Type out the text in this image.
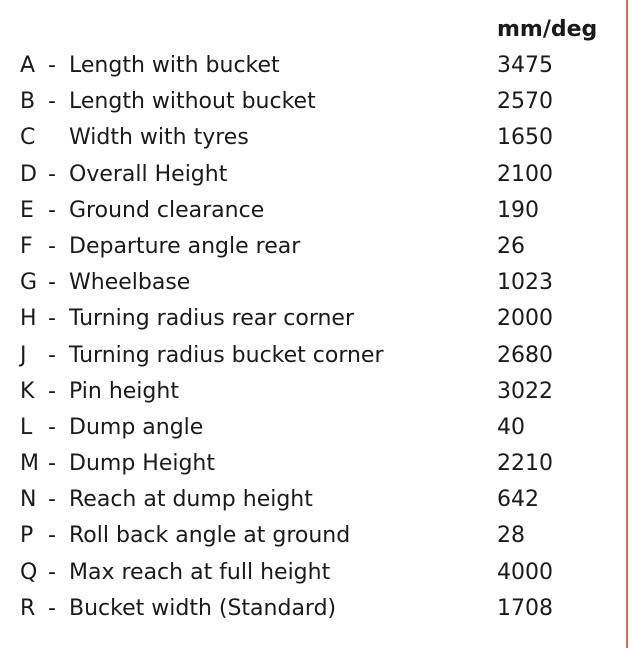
mm/deg
A - Length with bucket	3475
B - Length without bucket	2570
C	Width with tyres	1650
D - Overall Height	2100
E - Ground clearance	190
F - Departure angle rear	26
G - Wheelbase	1023
H - Turning radius rear corner	2000
J - Turning radius bucket corner	2680
K - Pin height	3022
L - Dump angle	40
M - Dump Height	2210
N - Reach at dump height	642
P - Roll back angle at ground	28
Q - Max reach at full height	4000
R - Bucket width (Standard)	1708
